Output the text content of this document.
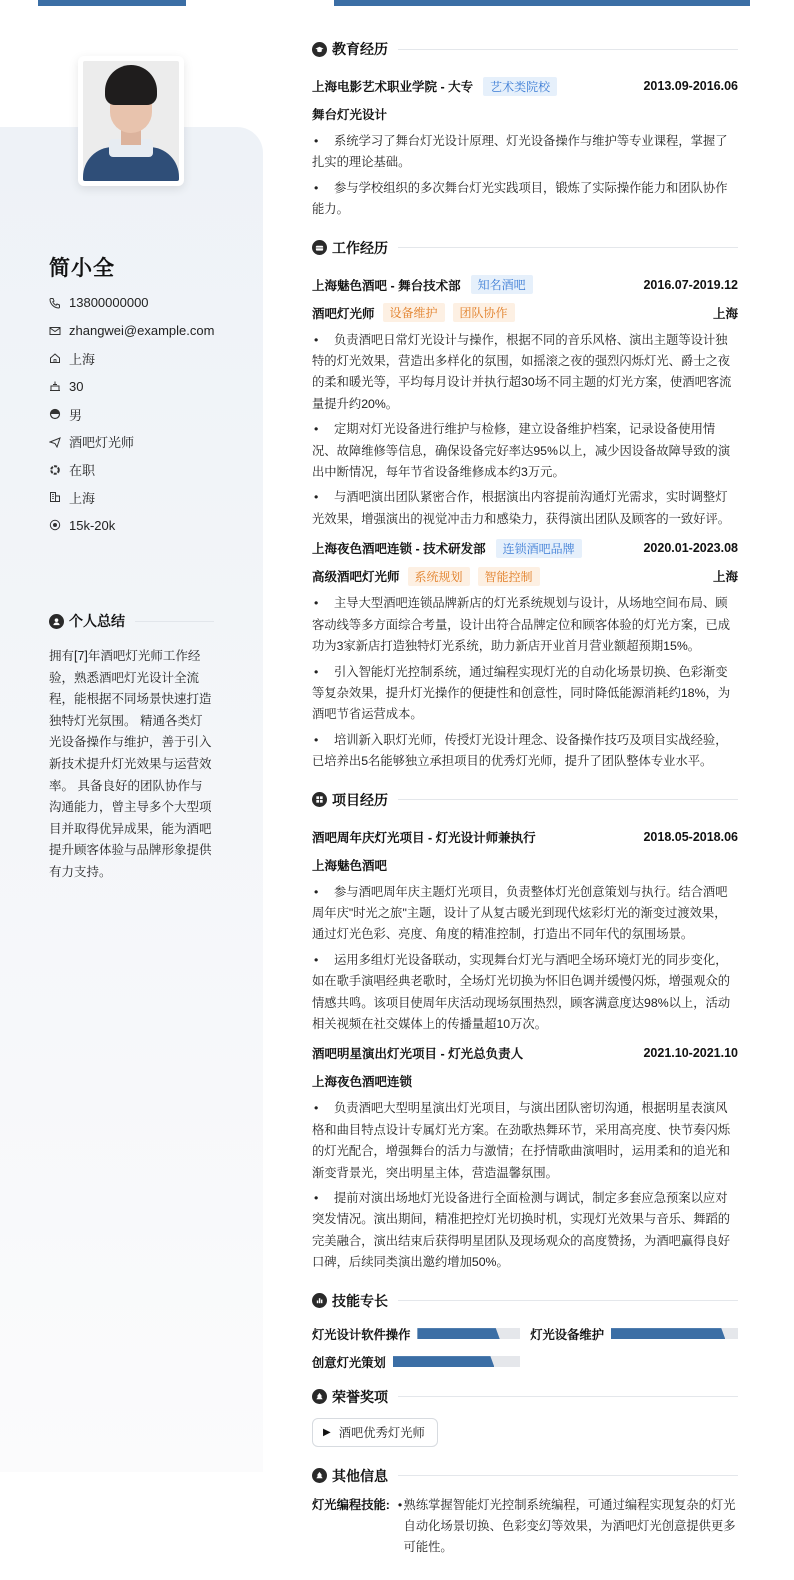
简小全
13800000000
zhangwei@example.com
上海
30
男
酒吧灯光师
在职
上海
15k-20k
个人总结
拥有[7]年酒吧灯光师工作经验，熟悉酒吧灯光设计全流程，能根据不同场景快速打造独特灯光氛围。 精通各类灯光设备操作与维护，善于引入新技术提升灯光效果与运营效率。 具备良好的团队协作与沟通能力，曾主导多个大型项目并取得优异成果，能为酒吧提升顾客体验与品牌形象提供有力支持。
教育经历
上海电影艺术职业学院 - 大专	艺术类院校	2013.09-2016.06
舞台灯光设计
• 系统学习了舞台灯光设计原理、灯光设备操作与维护等专业课程，掌握了扎实的理论基础。
• 参与学校组织的多次舞台灯光实践项目，锻炼了实际操作能力和团队协作能力。
工作经历
上海魅色酒吧 - 舞台技术部	知名酒吧	2016.07-2019.12
酒吧灯光师	设备维护	团队协作	上海
• 负责酒吧日常灯光设计与操作，根据不同的音乐风格、演出主题等设计独特的灯光效果，营造出多样化的氛围，如摇滚之夜的强烈闪烁灯光、爵士之夜的柔和暖光等，平均每月设计并执行超30场不同主题的灯光方案，使酒吧客流量提升约20%。
• 定期对灯光设备进行维护与检修，建立设备维护档案，记录设备使用情况、故障维修等信息，确保设备完好率达95%以上，减少因设备故障导致的演出中断情况，每年节省设备维修成本约3万元。
• 与酒吧演出团队紧密合作，根据演出内容提前沟通灯光需求，实时调整灯光效果，增强演出的视觉冲击力和感染力，获得演出团队及顾客的一致好评。
上海夜色酒吧连锁 - 技术研发部	连锁酒吧品牌	2020.01-2023.08
高级酒吧灯光师	系统规划	智能控制	上海
• 主导大型酒吧连锁品牌新店的灯光系统规划与设计，从场地空间布局、顾客动线等多方面综合考量，设计出符合品牌定位和顾客体验的灯光方案，已成功为3家新店打造独特灯光系统，助力新店开业首月营业额超预期15%。
• 引入智能灯光控制系统，通过编程实现灯光的自动化场景切换、色彩渐变等复杂效果，提升灯光操作的便捷性和创意性，同时降低能源消耗约18%，为酒吧节省运营成本。
• 培训新入职灯光师，传授灯光设计理念、设备操作技巧及项目实战经验，已培养出5名能够独立承担项目的优秀灯光师，提升了团队整体专业水平。
项目经历
酒吧周年庆灯光项目 - 灯光设计师兼执行	2018.05-2018.06
上海魅色酒吧
• 参与酒吧周年庆主题灯光项目，负责整体灯光创意策划与执行。结合酒吧周年庆"时光之旅"主题，设计了从复古暖光到现代炫彩灯光的渐变过渡效果，通过灯光色彩、亮度、角度的精准控制，打造出不同年代的氛围场景。
• 运用多组灯光设备联动，实现舞台灯光与酒吧全场环境灯光的同步变化，如在歌手演唱经典老歌时，全场灯光切换为怀旧色调并缓慢闪烁，增强观众的情感共鸣。该项目使周年庆活动现场氛围热烈，顾客满意度达98%以上，活动相关视频在社交媒体上的传播量超10万次。
酒吧明星演出灯光项目 - 灯光总负责人	2021.10-2021.10
上海夜色酒吧连锁
• 负责酒吧大型明星演出灯光项目，与演出团队密切沟通，根据明星表演风格和曲目特点设计专属灯光方案。在劲歌热舞环节，采用高亮度、快节奏闪烁的灯光配合，增强舞台的活力与激情；在抒情歌曲演唱时，运用柔和的追光和渐变背景光，突出明星主体，营造温馨氛围。
• 提前对演出场地灯光设备进行全面检测与调试，制定多套应急预案以应对突发情况。演出期间，精准把控灯光切换时机，实现灯光效果与音乐、舞蹈的完美融合，演出结束后获得明星团队及现场观众的高度赞扬，为酒吧赢得良好口碑，后续同类演出邀约增加50%。
技能专长
灯光设计软件操作	灯光设备维护
创意灯光策划
荣誉奖项
▶ 酒吧优秀灯光师
其他信息
灯光编程技能: • 熟练掌握智能灯光控制系统编程，可通过编程实现复杂的灯光自动化场景切换、色彩变幻等效果，为酒吧灯光创意提供更多可能性。
